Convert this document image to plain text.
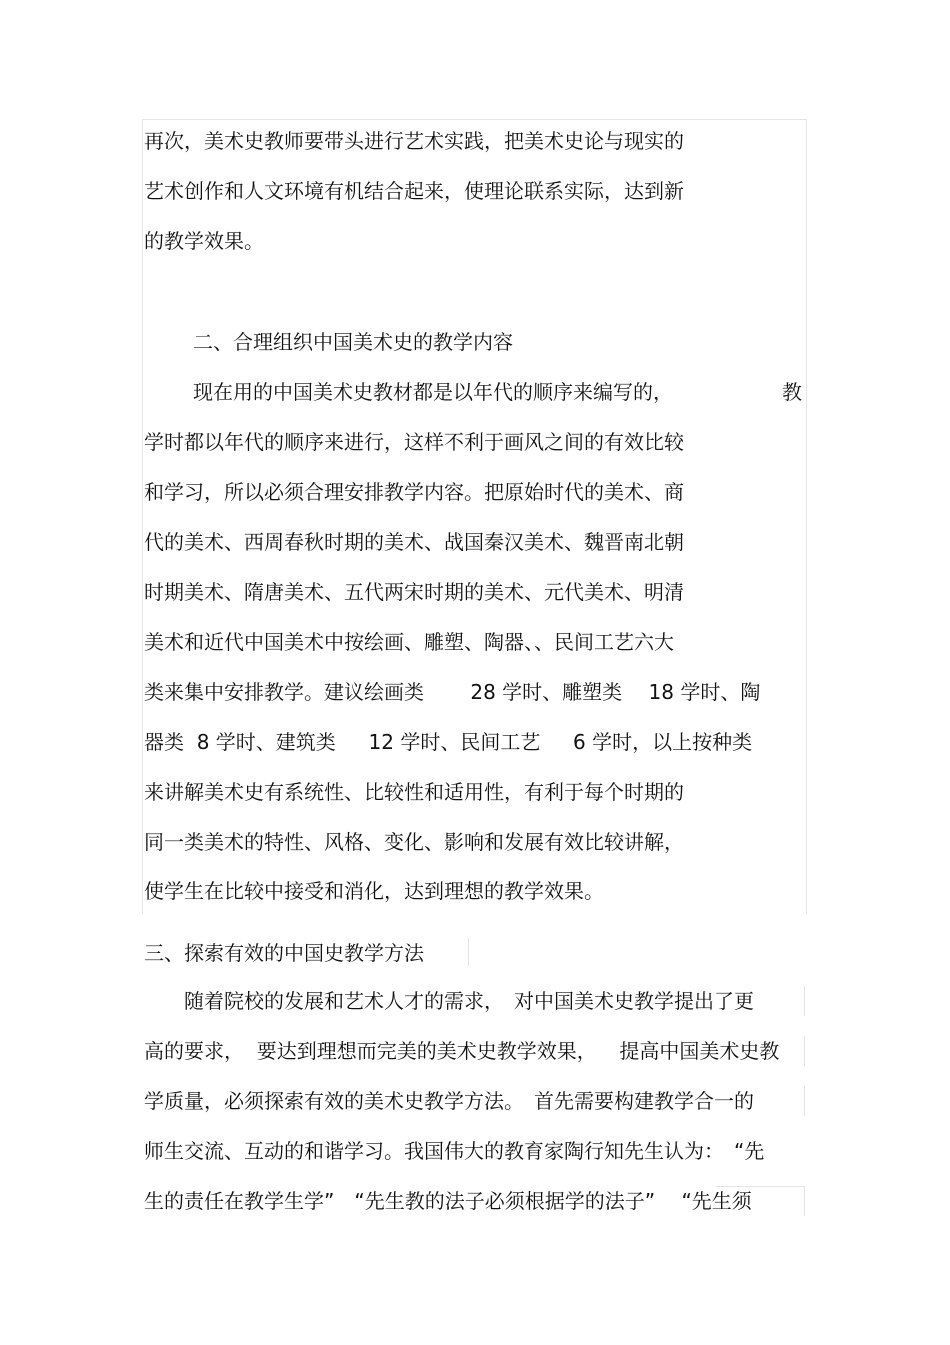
再次，美术史教师要带头进行艺术实践，把美术史论与现实的

艺术创作和人文环境有机结合起来，使理论联系实际，达到新

的教学效果。

二、合理组织中国美术史的教学内容

现在用的中国美术史教材都是以年代的顺序来编写的，	教

学时都以年代的顺序来进行，这样不利于画风之间的有效比较

和学习，所以必须合理安排教学内容。把原始时代的美术、商

代的美术、西周春秋时期的美术、战国秦汉美术、魏晋南北朝

时期美术、隋唐美术、五代两宋时期的美术、元代美术、明清

美术和近代中国美术中按绘画、雕塑、陶器、、民间工艺六大

类来集中安排教学。建议绘画类　　 28 学时、雕塑类　 18 学时、陶

器类  8 学时、建筑类　  12 学时、民间工艺　  6 学时，以上按种类

来讲解美术史有系统性、比较性和适用性，有利于每个时期的

同一类美术的特性、风格、变化、影响和发展有效比较讲解，

使学生在比较中接受和消化，达到理想的教学效果。

三、探索有效的中国史教学方法

　　随着院校的发展和艺术人才的需求，　对中国美术史教学提出了更

高的要求，  要达到理想而完美的美术史教学效果，　  提高中国美术史教

学质量，必须探索有效的美术史教学方法。　首先需要构建教学合一的

师生交流、互动的和谐学习。我国伟大的教育家陶行知先生认为：　“先

生的责任在教学生学”　“先生教的法子必须根据学的法子”　 “先生须
